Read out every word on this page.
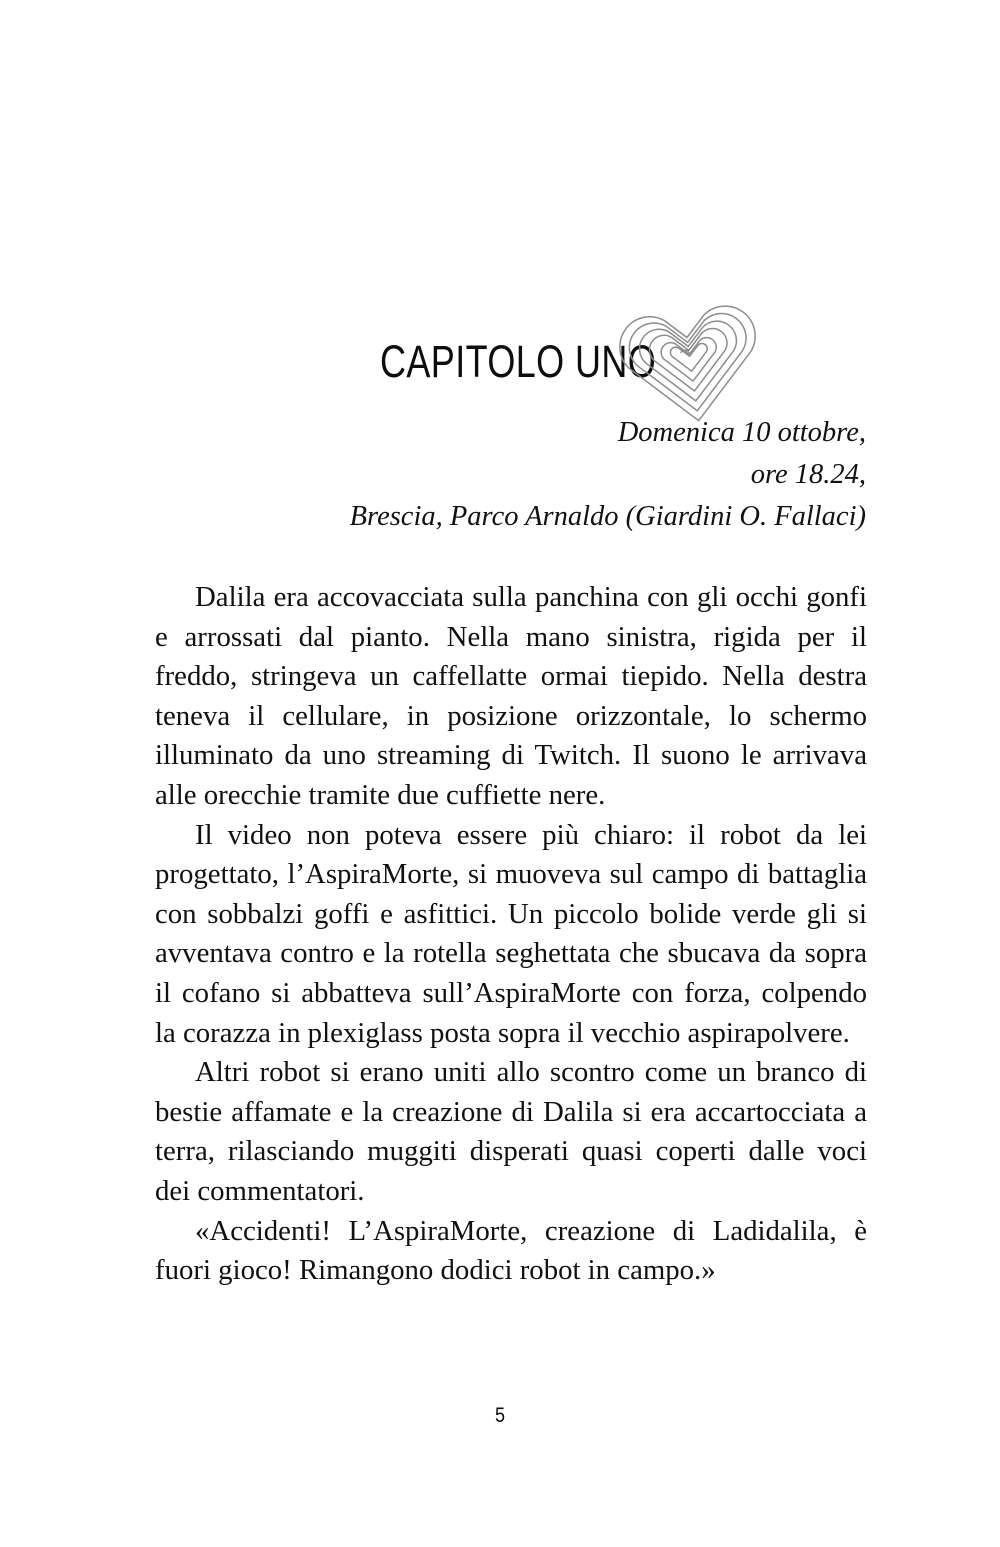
CAPITOLO UNO
Domenica 10 ottobre,
ore 18.24,
Brescia, Parco Arnaldo (Giardini O. Fallaci)

Dalila era accovacciata sulla panchina con gli occhi gonfi e arrossati dal pianto. Nella mano sinistra, rigida per il freddo, stringeva un caffellatte ormai tiepido. Nella destra teneva il cellulare, in posizione orizzontale, lo schermo illuminato da uno streaming di Twitch. Il suono le arrivava alle orecchie tramite due cuffiette nere.

Il video non poteva essere più chiaro: il robot da lei progettato, l’AspiraMorte, si muoveva sul campo di battaglia con sobbalzi goffi e asfittici. Un piccolo bolide verde gli si avventava contro e la rotella seghettata che sbucava da sopra il cofano si abbatteva sull’AspiraMorte con forza, colpendo la corazza in plexiglass posta sopra il vecchio aspirapolvere.

Altri robot si erano uniti allo scontro come un branco di bestie affamate e la creazione di Dalila si era accartocciata a terra, rilasciando muggiti disperati quasi coperti dalle voci dei commentatori.

«Accidenti! L’AspiraMorte, creazione di Ladidalila, è fuori gioco! Rimangono dodici robot in campo.»

5
